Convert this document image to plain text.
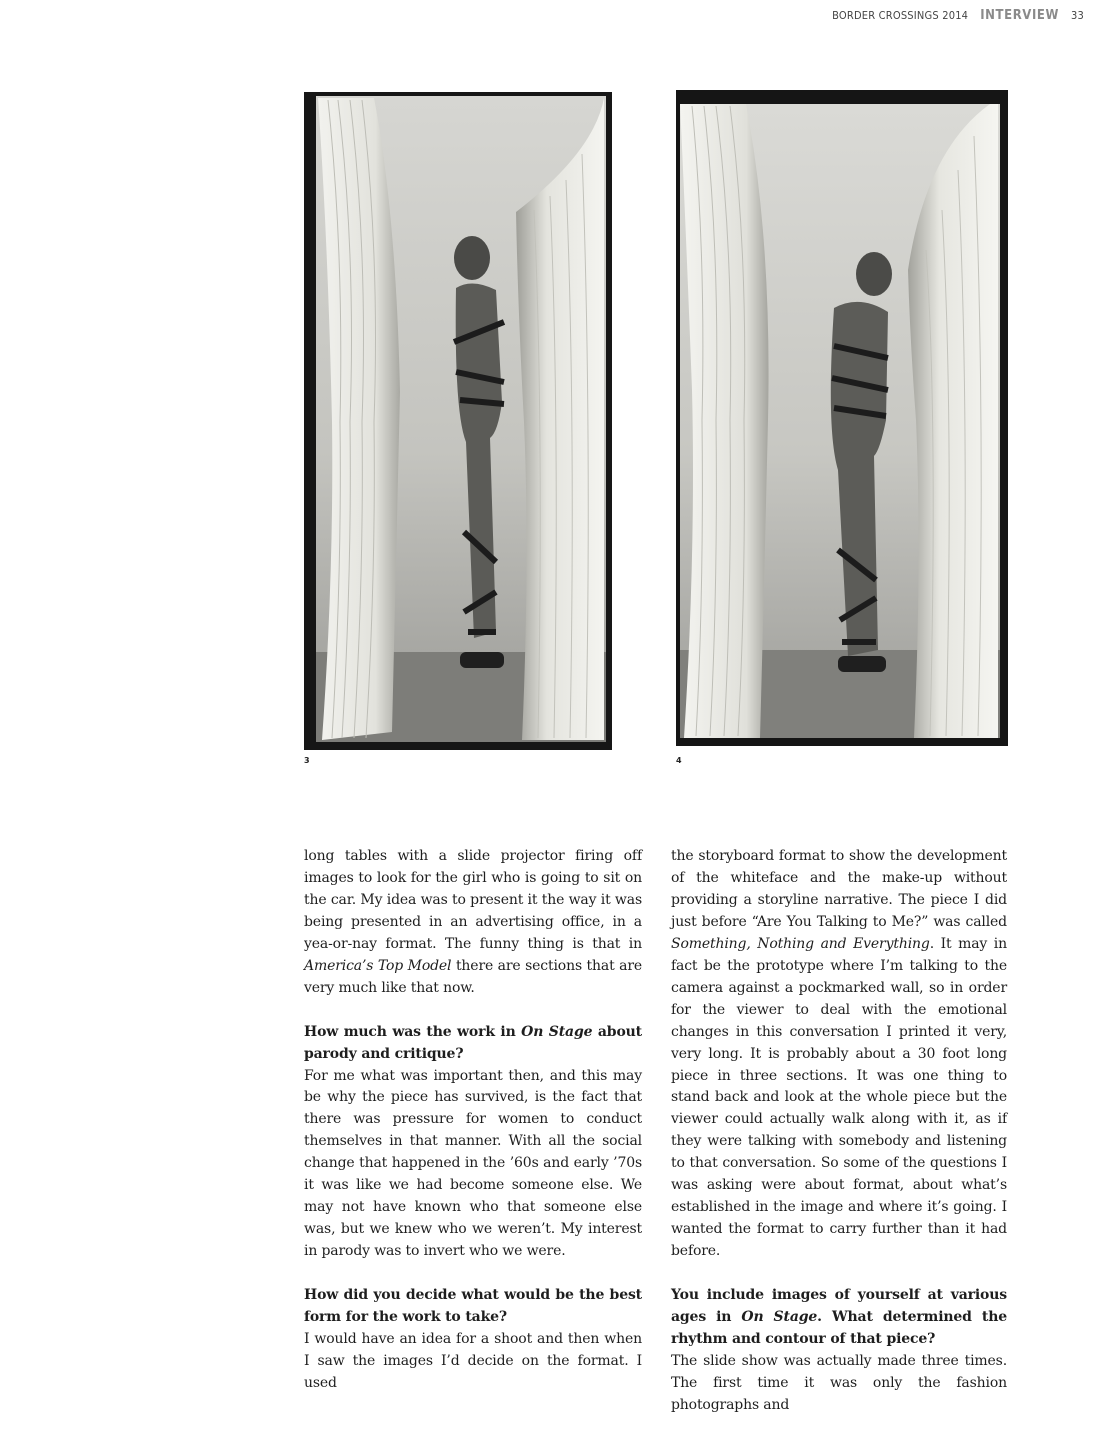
BORDER CROSSINGS 2014 INTERVIEW 33
3	4

long tables with a slide projector firing off images to look for the girl who is going to sit on the car. My idea was to present it the way it was being presented in an advertising office, in a yea-or-nay format. The funny thing is that in America’s Top Model there are sections that are very much like that now.

How much was the work in On Stage about parody and critique?

For me what was important then, and this may be why the piece has survived, is the fact that there was pressure for women to conduct themselves in that manner. With all the social change that happened in the ’60s and early ’70s it was like we had become someone else. We may not have known who that someone else was, but we knew who we weren’t. My interest in parody was to invert who we were.

How did you decide what would be the best form for the work to take?

I would have an idea for a shoot and then when I saw the images I’d decide on the format. I used

the storyboard format to show the development of the whiteface and the make-up without providing a storyline narrative. The piece I did just before “Are You Talking to Me?” was called Something, Nothing and Everything. It may in fact be the prototype where I’m talking to the camera against a pockmarked wall, so in order for the viewer to deal with the emotional changes in this conversation I printed it very, very long. It is probably about a 30 foot long piece in three sections. It was one thing to stand back and look at the whole piece but the viewer could actually walk along with it, as if they were talking with somebody and listening to that conversation. So some of the questions I was asking were about format, about what’s established in the image and where it’s going. I wanted the format to carry further than it had before.

You include images of yourself at various ages in On Stage. What determined the rhythm and contour of that piece?

The slide show was actually made three times. The first time it was only the fashion photographs and
